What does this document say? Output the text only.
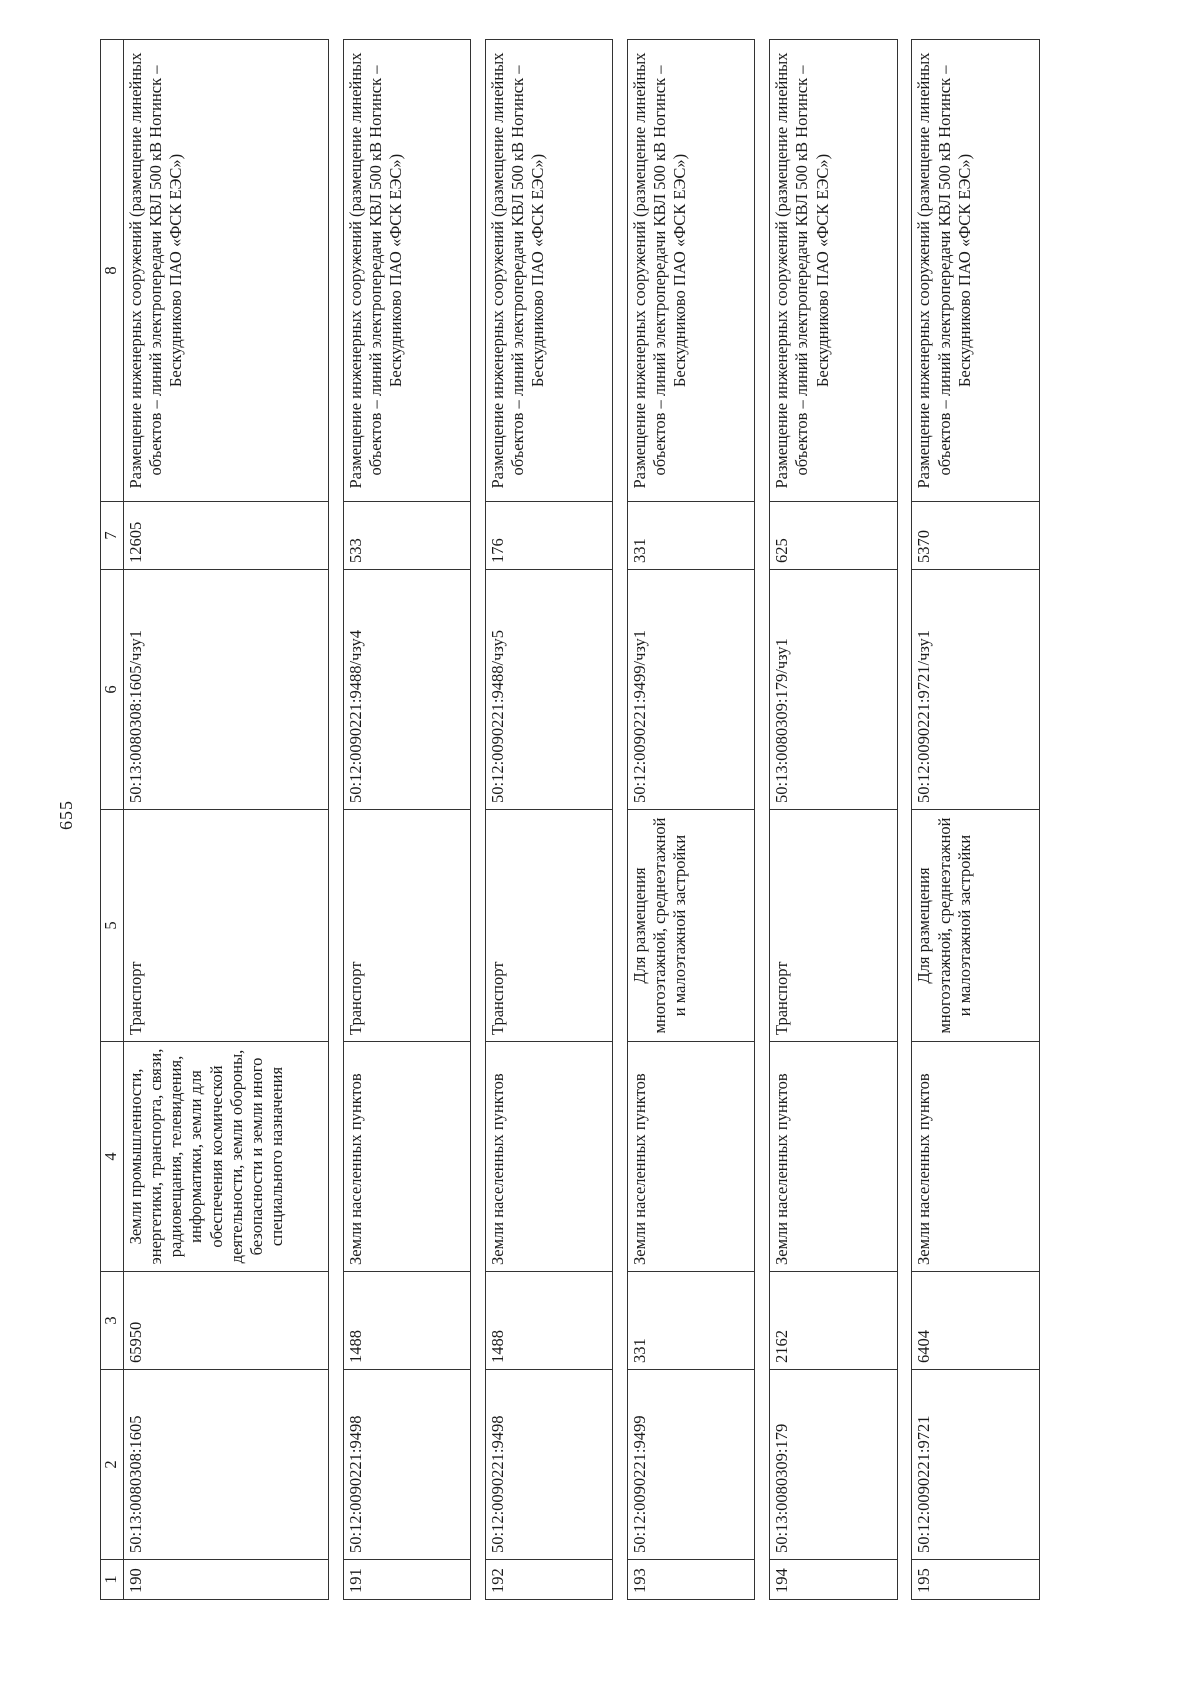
655
1	2	3	4	5	6	7	8
190	50:13:0080308:1605	65950	Земли промышленности, энергетики, транспорта, связи, радиовещания, телевидения, информатики, земли для обеспечения космической деятельности, земли обороны, безопасности и земли иного специального назначения	Транспорт	50:13:0080308:1605/чзу1	12605	Размещение инженерных сооружений (размещение линейных объектов – линий электропередачи КВЛ 500 кВ Ногинск – Бескудниково ПАО «ФСК ЕЭС»)

191	50:12:0090221:9498	1488	Земли населенных пунктов	Транспорт	50:12:0090221:9488/чзу4	533	Размещение инженерных сооружений (размещение линейных объектов – линий электропередачи КВЛ 500 кВ Ногинск – Бескудниково ПАО «ФСК ЕЭС»)

192	50:12:0090221:9498	1488	Земли населенных пунктов	Транспорт	50:12:0090221:9488/чзу5	176	Размещение инженерных сооружений (размещение линейных объектов – линий электропередачи КВЛ 500 кВ Ногинск – Бескудниково ПАО «ФСК ЕЭС»)

193	50:12:0090221:9499	331	Земли населенных пунктов	Для размещения многоэтажной, среднеэтажной и малоэтажной застройки	50:12:0090221:9499/чзу1	331	Размещение инженерных сооружений (размещение линейных объектов – линий электропередачи КВЛ 500 кВ Ногинск – Бескудниково ПАО «ФСК ЕЭС»)

194	50:13:0080309:179	2162	Земли населенных пунктов	Транспорт	50:13:0080309:179/чзу1	625	Размещение инженерных сооружений (размещение линейных объектов – линий электропередачи КВЛ 500 кВ Ногинск – Бескудниково ПАО «ФСК ЕЭС»)

195	50:12:0090221:9721	6404	Земли населенных пунктов	Для размещения многоэтажной, среднеэтажной и малоэтажной застройки	50:12:0090221:9721/чзу1	5370	Размещение инженерных сооружений (размещение линейных объектов – линий электропередачи КВЛ 500 кВ Ногинск – Бескудниково ПАО «ФСК ЕЭС»)
